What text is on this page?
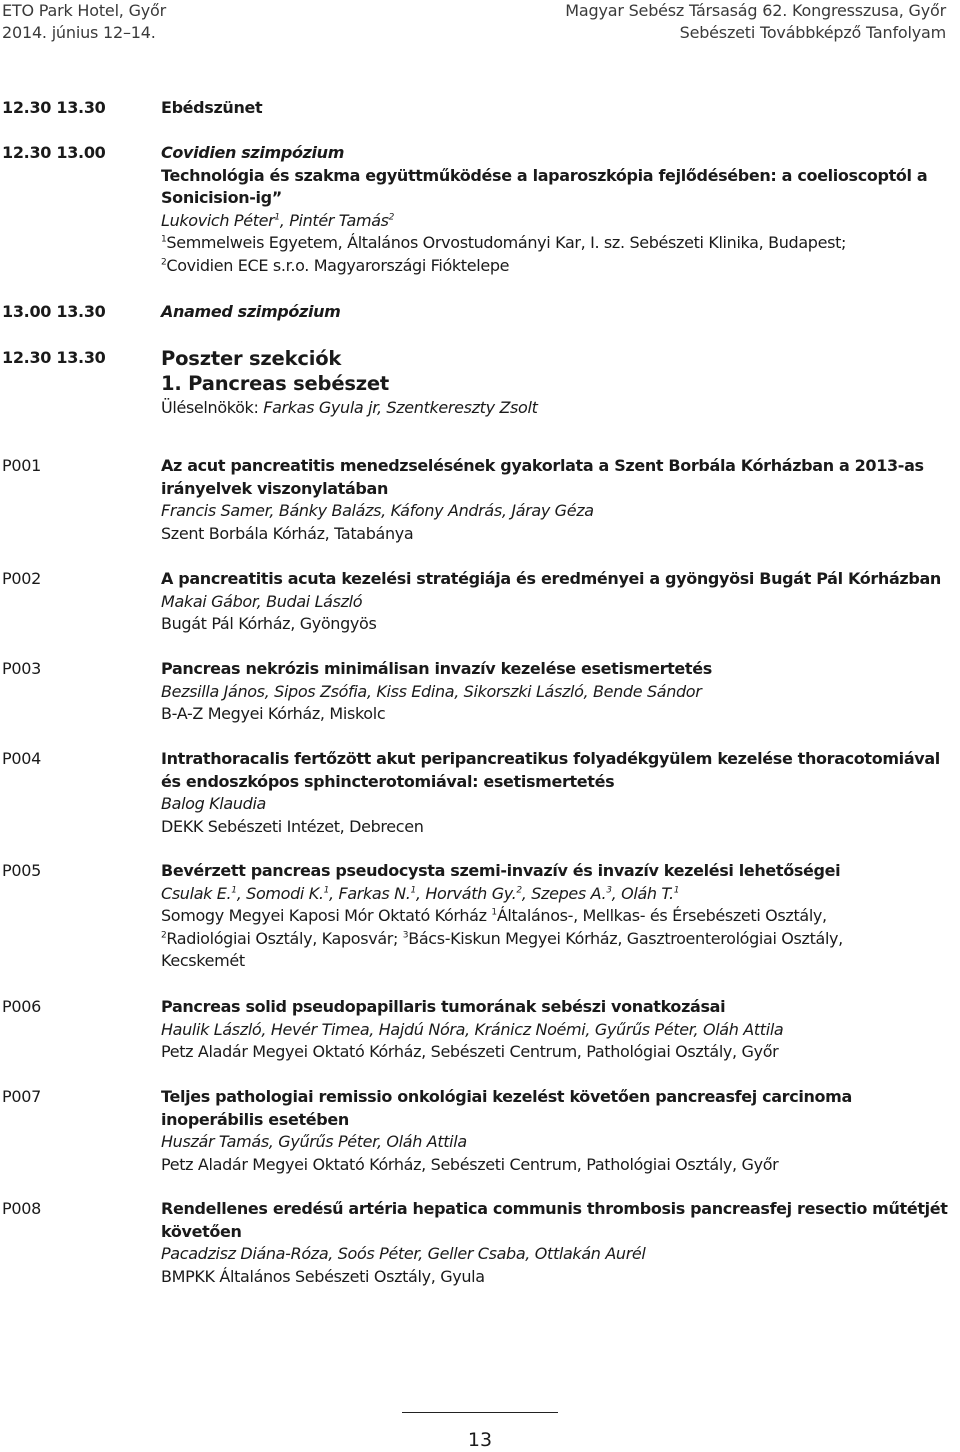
ETO Park Hotel, Győr
2014. június 12–14.
Magyar Sebész Társaság 62. Kongresszusa, Győr
Sebészeti Továbbképző Tanfolyam
12.30 13.30	Ebédszünet
12.30 13.00	Covidien szimpózium
Technológia és szakma együttműködése a laparoszkópia fejlődésében: a coelioscoptól a Sonicision-ig”
Lukovich Péter$^1$, Pintér Tamás$^2$
$^1$Semmelweis Egyetem, Általános Orvostudományi Kar, I. sz. Sebészeti Klinika, Budapest;
$^2$Covidien ECE s.r.o. Magyarországi Fióktelepe
13.00 13.30	Anamed szimpózium
12.30 13.30	Poszter szekciók
1. Pancreas sebészet
Üléselnökök: Farkas Gyula jr, Szentkereszty Zsolt
P001	Az acut pancreatitis menedzselésének gyakorlata a Szent Borbála Kórházban a 2013-as irányelvek viszonylatában
Francis Samer, Bánky Balázs, Káfony András, Járay Géza
Szent Borbála Kórház, Tatabánya
P002	A pancreatitis acuta kezelési stratégiája és eredményei a gyöngyösi Bugát Pál Kórházban
Makai Gábor, Budai László
Bugát Pál Kórház, Gyöngyös
P003	Pancreas nekrózis minimálisan invazív kezelése esetismertetés
Bezsilla János, Sipos Zsófia, Kiss Edina, Sikorszki László, Bende Sándor
B-A-Z Megyei Kórház, Miskolc
P004	Intrathoracalis fertőzött akut peripancreatikus folyadékgyülem kezelése thoracotomiával és endoszkópos sphincterotomiával: esetismertetés
Balog Klaudia
DEKK Sebészeti Intézet, Debrecen
P005	Bevérzett pancreas pseudocysta szemi-invazív és invazív kezelési lehetőségei
Csulak E.$^1$, Somodi K.$^1$, Farkas N.$^1$, Horváth Gy.$^2$, Szepes A.$^3$, Oláh T.$^1$
Somogy Megyei Kaposi Mór Oktató Kórház $^1$Általános-, Mellkas- és Érsebészeti Osztály,
$^2$Radiológiai Osztály, Kaposvár; $^3$Bács-Kiskun Megyei Kórház, Gasztroenterológiai Osztály,
Kecskemét
P006	Pancreas solid pseudopapillaris tumorának sebészi vonatkozásai
Haulik László, Hevér Timea, Hajdú Nóra, Kránicz Noémi, Gyűrűs Péter, Oláh Attila
Petz Aladár Megyei Oktató Kórház, Sebészeti Centrum, Pathológiai Osztály, Győr
P007	Teljes pathologiai remissio onkológiai kezelést követően pancreasfej carcinoma inoperábilis esetében
Huszár Tamás, Gyűrűs Péter, Oláh Attila
Petz Aladár Megyei Oktató Kórház, Sebészeti Centrum, Pathológiai Osztály, Győr
P008	Rendellenes eredésű artéria hepatica communis thrombosis pancreasfej resectio műtétjét követően
Pacadzisz Diána-Róza, Soós Péter, Geller Csaba, Ottlakán Aurél
BMPKK Általános Sebészeti Osztály, Gyula
13
